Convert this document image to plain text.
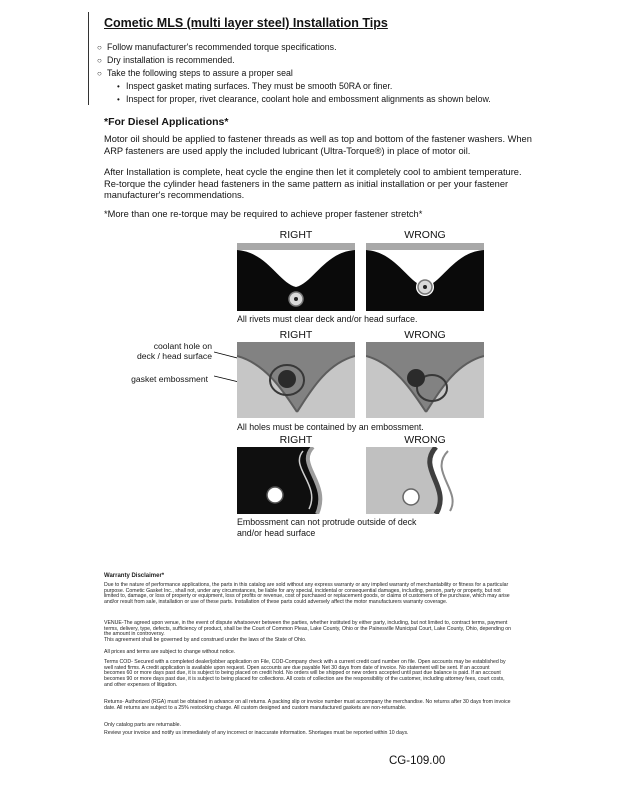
Cometic MLS (multi layer steel) Installation Tips
○ Follow manufacturer's recommended torque specifications.
○ Dry installation is recommended.
○ Take the following steps to assure a proper seal
• Inspect gasket mating surfaces. They must be smooth 50RA or finer.
• Inspect for proper, rivet clearance, coolant hole and embossment alignments as shown below.
*For Diesel Applications*

Motor oil should be applied to fastener threads as well as top and bottom of the fastener washers. When ARP fasteners are used apply the included lubricant (Ultra-Torque®) in place of motor oil.

After Installation is complete, heat cycle the engine then let it completely cool to ambient temperature. Re-torque the cylinder head fasteners in the same pattern as initial installation or per your fastener manufacturer's recommendations.

*More than one re-torque may be required to achieve proper fastener stretch*

RIGHT	WRONG
All rivets must clear deck and/or head surface.
RIGHT	WRONG
coolant hole on
deck / head surface
gasket embossment
All holes must be contained by an embossment.
RIGHT	WRONG
Embossment can not protrude outside of deck
and/or head surface
Warranty Disclaimer*
Due to the nature of performance applications, the parts in this catalog are sold without any express warranty or any implied warranty of merchantability or fitness for a particular purpose. Cometic Gasket Inc., shall not, under any circumstances, be liable for any special, incidental or consequential damages, including, person, party or property, but not limited to, damage, or loss of property or equipment, loss of profits or revenue, cost of purchased or replacement goods, or claims of customers of the purchase, which may arise and/or result from sale, installation or use of these parts. Installation of these parts could adversely affect the motor manufacturers warranty coverage.
VENUE-The agreed upon venue, in the event of dispute whatsoever between the parties, whether instituted by either party, including, but not limited to, contract terms, payment terms, delivery, type, defects, sufficiency of product, shall be the Court of Common Pleas, Lake County, Ohio or the Painesville Municipal Court, Lake County, Ohio, depending on the amount in controversy.
This agreement shall be governed by and construed under the laws of the State of Ohio.
All prices and terms are subject to change without notice.
Terms COD- Secured with a completed dealer/jobber application on File, COD-Company check with a current credit card number on file. Open accounts may be established by well rated firms. A credit application is available upon request. Open accounts are due payable Net 30 days from date of invoice. No statement will be sent. If an account becomes 60 or more days past due, it is subject to being placed on credit hold. No orders will be shipped or new orders accepted until past due balance is paid. If an account becomes 90 or more days past due, it is subject to being placed for collections. All costs of collection are the responsibility of the customer, including attorney fees, court costs, and other expenses of litigation.
Returns- Authorized (RGA) must be obtained in advance on all returns. A packing slip or invoice number must accompany the merchandise. No returns after 30 days from invoice date. All returns are subject to a 25% restocking charge. All custom designed and custom manufactured gaskets are non-returnable.
Only catalog parts are returnable.
Review your invoice and notify us immediately of any incorrect or inaccurate information. Shortages must be reported within 10 days.
CG-109.00
